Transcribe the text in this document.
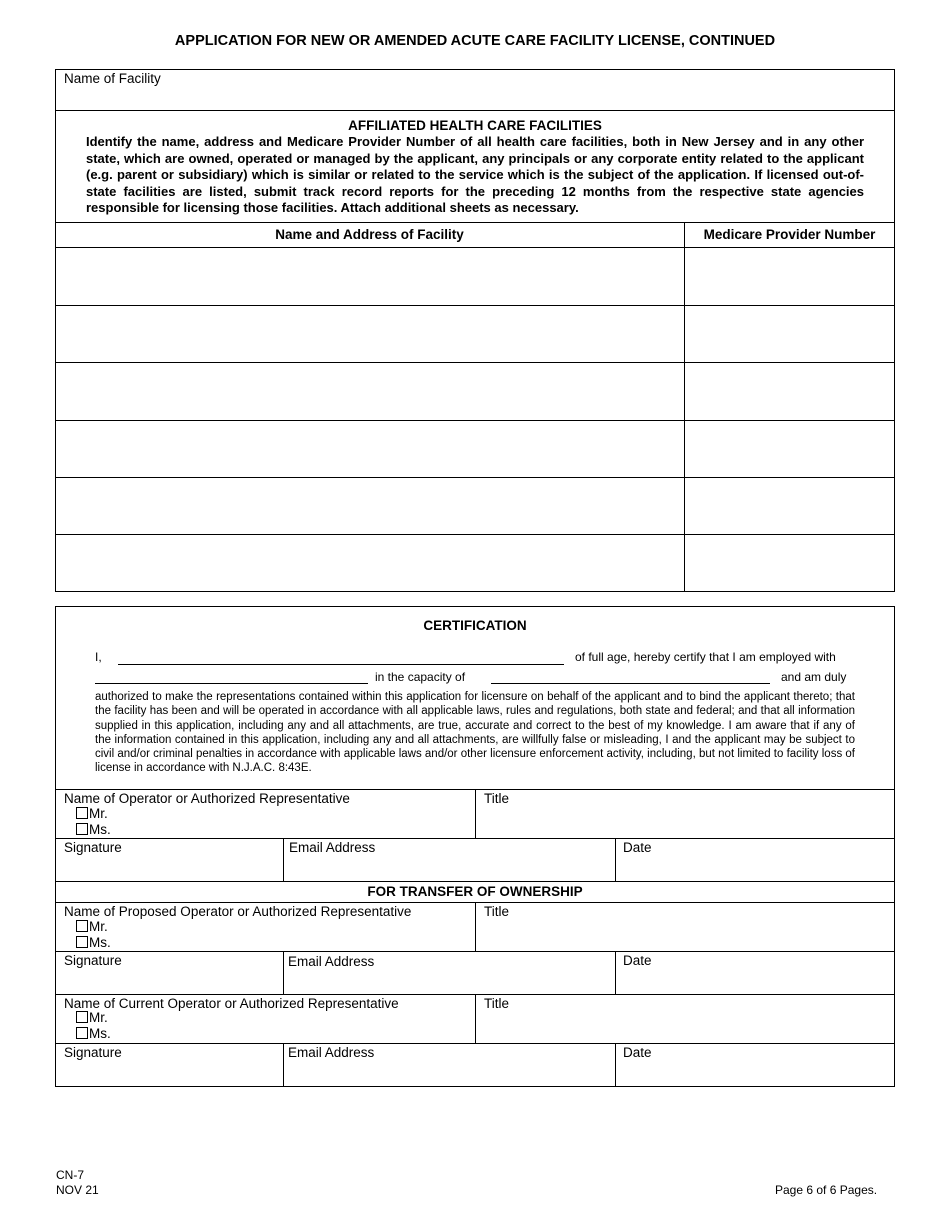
APPLICATION FOR NEW OR AMENDED ACUTE CARE FACILITY LICENSE, CONTINUED
Name of Facility
AFFILIATED HEALTH CARE FACILITIES
Identify the name, address and Medicare Provider Number of all health care facilities, both in New Jersey and in any other state, which are owned, operated or managed by the applicant, any principals or any corporate entity related to the applicant (e.g. parent or subsidiary) which is similar or related to the service which is the subject of the application. If licensed out-of-state facilities are listed, submit track record reports for the preceding 12 months from the respective state agencies responsible for licensing those facilities. Attach additional sheets as necessary.
Name and Address of Facility	Medicare Provider Number
CERTIFICATION
I,	of full age, hereby certify that I am employed with
in the capacity of	and am duly
authorized to make the representations contained within this application for licensure on behalf of the applicant and to bind the applicant thereto; that the facility has been and will be operated in accordance with all applicable laws, rules and regulations, both state and federal; and that all information supplied in this application, including any and all attachments, are true, accurate and correct to the best of my knowledge. I am aware that if any of the information contained in this application, including any and all attachments, are willfully false or misleading, I and the applicant may be subject to civil and/or criminal penalties in accordance with applicable laws and/or other licensure enforcement activity, including, but not limited to facility loss of license in accordance with N.J.A.C. 8:43E.
Name of Operator or Authorized Representative
Mr.
Ms.
Title
Signature	Email Address	Date
FOR TRANSFER OF OWNERSHIP
Name of Proposed Operator or Authorized Representative
Mr.
Ms.
Title
Signature	Email Address	Date
Name of Current Operator or Authorized Representative
Mr.
Ms.
Title
Signature	Email Address	Date
CN-7
NOV 21	Page 6 of 6 Pages.
